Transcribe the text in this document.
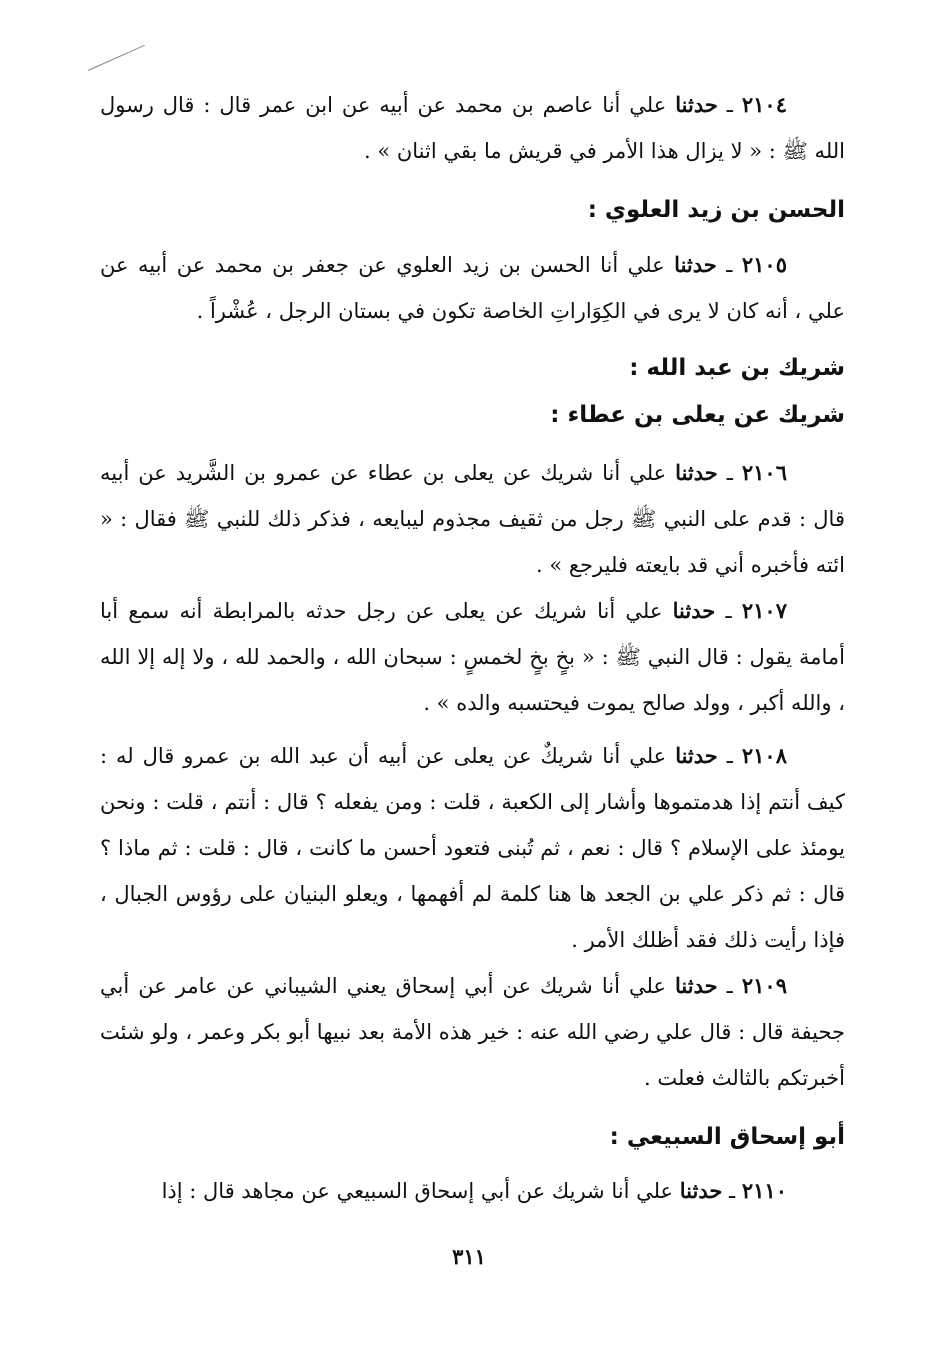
٢١٠٤ ـ حدثنا علي أنا عاصم بن محمد عن أبيه عن ابن عمر قال : قال رسول الله ﷺ : « لا يزال هذا الأمر في قريش ما بقي اثنان » .

الحسن بن زيد العلوي :

٢١٠٥ ـ حدثنا علي أنا الحسن بن زيد العلوي عن جعفر بن محمد عن أبيه عن علي ، أنه كان لا يرى في الكِوَاراتِ الخاصة تكون في بستان الرجل ، عُشْراً .

شريك بن عبد الله :

شريك عن يعلى بن عطاء :

٢١٠٦ ـ حدثنا علي أنا شريك عن يعلى بن عطاء عن عمرو بن الشَّريد عن أبيه قال : قدم على النبي ﷺ رجل من ثقيف مجذوم ليبايعه ، فذكر ذلك للنبي ﷺ فقال : « ائته فأخبره أني قد بايعته فليرجع » .

٢١٠٧ ـ حدثنا علي أنا شريك عن يعلى عن رجل حدثه بالمرابطة أنه سمع أبا أمامة يقول : قال النبي ﷺ : « بخٍ بخٍ لخمسٍ : سبحان الله ، والحمد لله ، ولا إله إلا الله ، والله أكبر ، وولد صالح يموت فيحتسبه والده » .

٢١٠٨ ـ حدثنا علي أنا شريكٌ عن يعلى عن أبيه أن عبد الله بن عمرو قال له : كيف أنتم إذا هدمتموها وأشار إلى الكعبة ، قلت : ومن يفعله ؟ قال : أنتم ، قلت : ونحن يومئذ على الإسلام ؟ قال : نعم ، ثم تُبنى فتعود أحسن ما كانت ، قال : قلت : ثم ماذا ؟ قال : ثم ذكر علي بن الجعد ها هنا كلمة لم أفهمها ، ويعلو البنيان على رؤوس الجبال ، فإذا رأيت ذلك فقد أظلك الأمر .

٢١٠٩ ـ حدثنا علي أنا شريك عن أبي إسحاق يعني الشيباني عن عامر عن أبي جحيفة قال : قال علي رضي الله عنه : خير هذه الأمة بعد نبيها أبو بكر وعمر ، ولو شئت أخبرتكم بالثالث فعلت .

أبو إسحاق السبيعي :

٢١١٠ ـ حدثنا علي أنا شريك عن أبي إسحاق السبيعي عن مجاهد قال : إذا

٣١١
